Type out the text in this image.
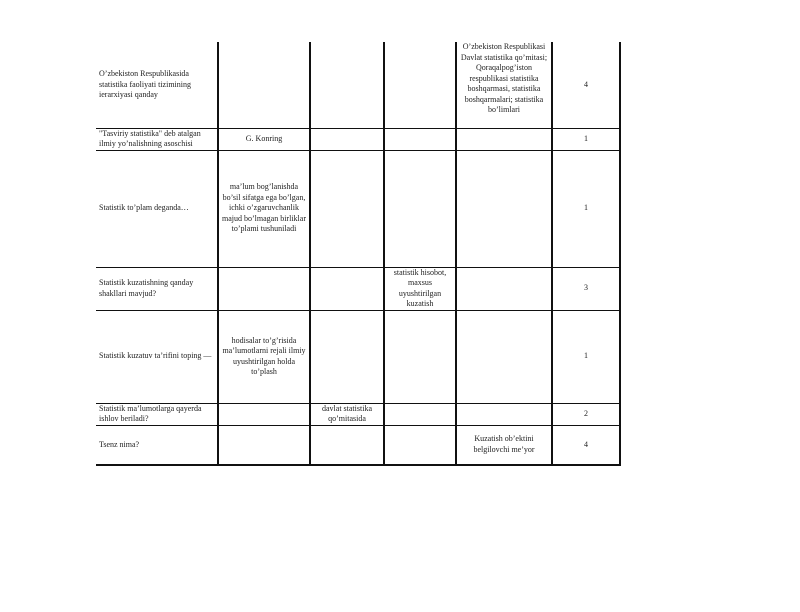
O’zbekiston Respublikasida statistika faoliyati tizimining ierarxiyasi qanday				O’zbekiston Respublikasi Davlat statistika qo’mitasi; Qoraqalpog’iston respublikasi statistika boshqarmasi, statistika boshqarmalari; statistika bo’limlari	4
"Tasviriy statistika" deb atalgan ilmiy yo’nalishning asoschisi	G. Konring				1
Statistik to’plam deganda…	ma’lum bog’lanishda bo’sil sifatga ega bo’lgan, ichki o’zgaruvchanlik majud bo’lmagan birliklar to’plami tushuniladi				1
Statistik kuzatishning qanday shakllari mavjud?			statistik hisobot, maxsus uyushtirilgan kuzatish		3
Statistik kuzatuv ta’rifini toping —	hodisalar to’g’risida ma’lumotlarni rejali ilmiy uyushtirilgan holda to’plash				1
Statistik ma’lumotlarga qayerda ishlov beriladi?		davlat statistika qo’mitasida			2
Tsenz nima?				Kuzatish ob’ektini belgilovchi me’yor	4
